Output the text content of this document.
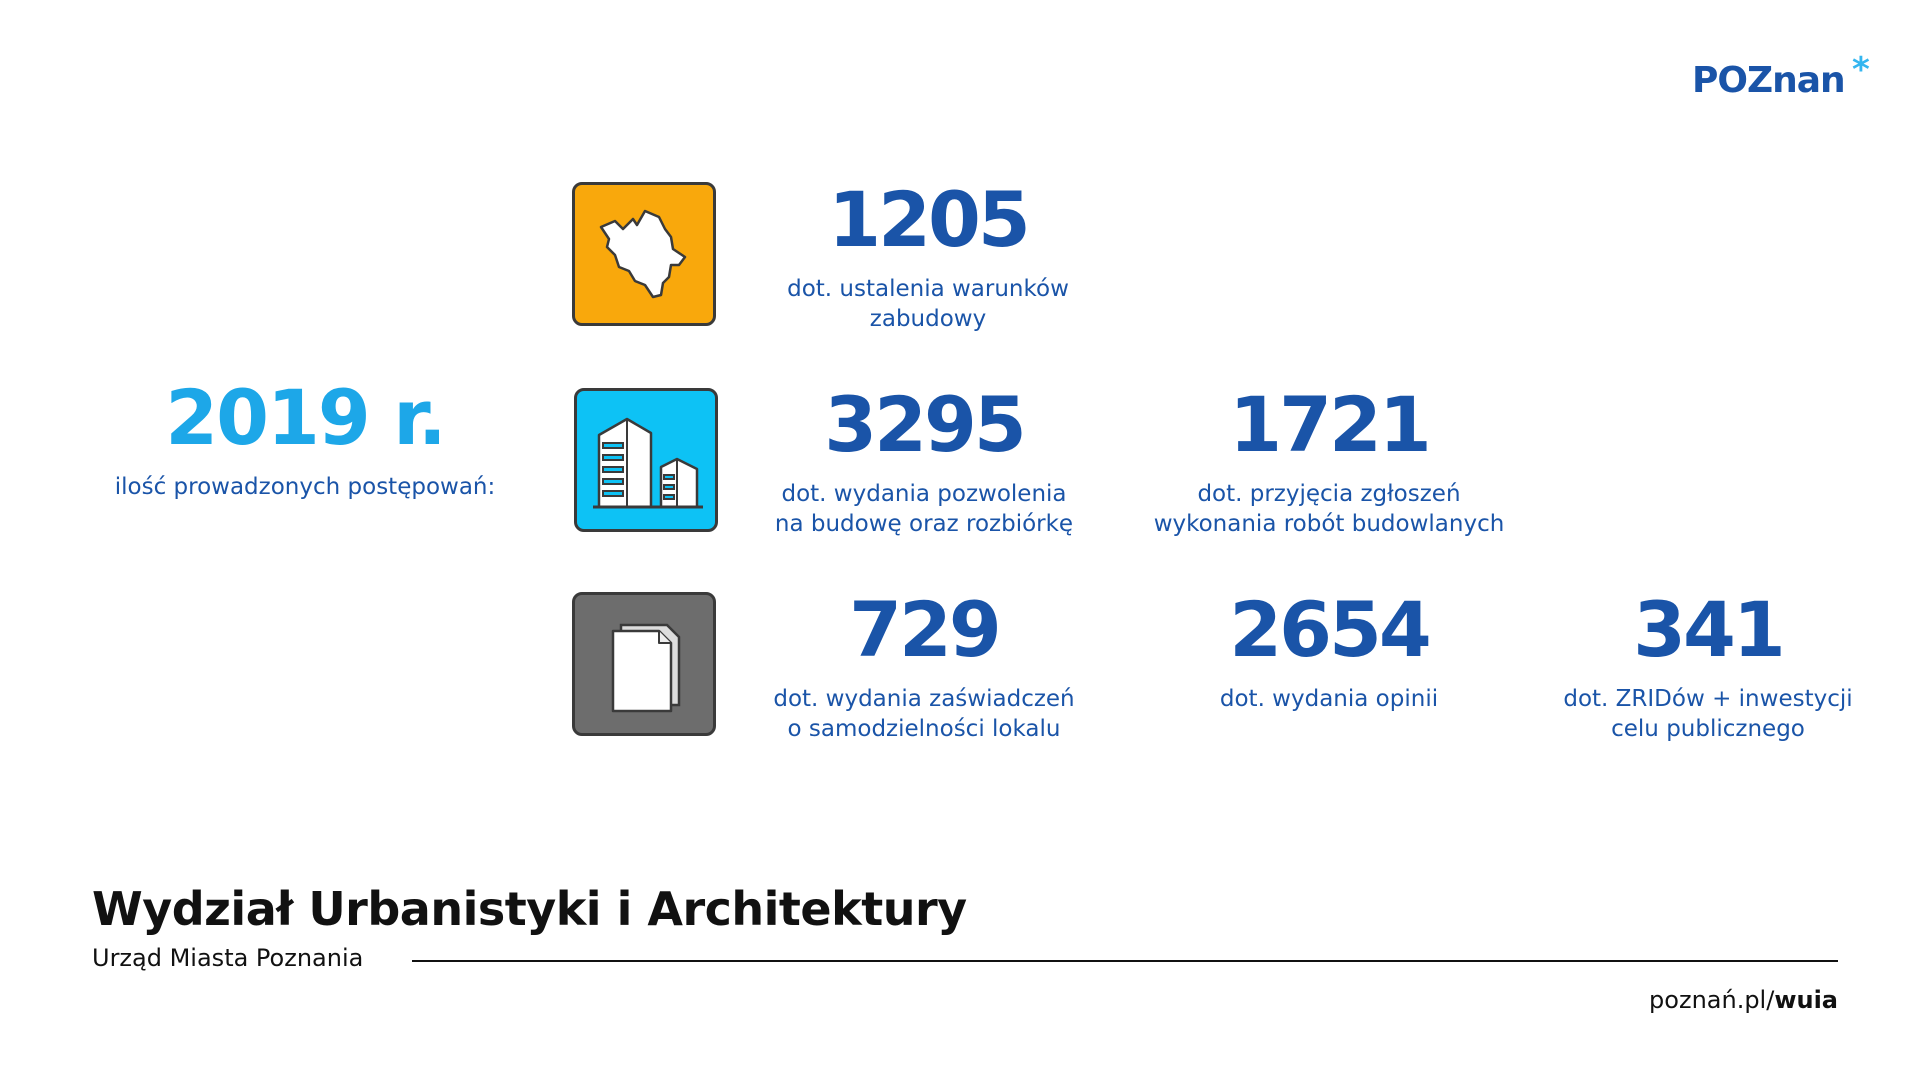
POZnan *
2019 r.
ilość prowadzonych postępowań:
1205
dot. ustalenia warunków
zabudowy
3295
dot. wydania pozwolenia
na budowę oraz rozbiórkę
1721
dot. przyjęcia zgłoszeń
wykonania robót budowlanych
729
dot. wydania zaświadczeń
o samodzielności lokalu
2654
dot. wydania opinii
341
dot. ZRIDów + inwestycji
celu publicznego
Wydział Urbanistyki i Architektury
Urząd Miasta Poznania
poznań.pl/wuia
